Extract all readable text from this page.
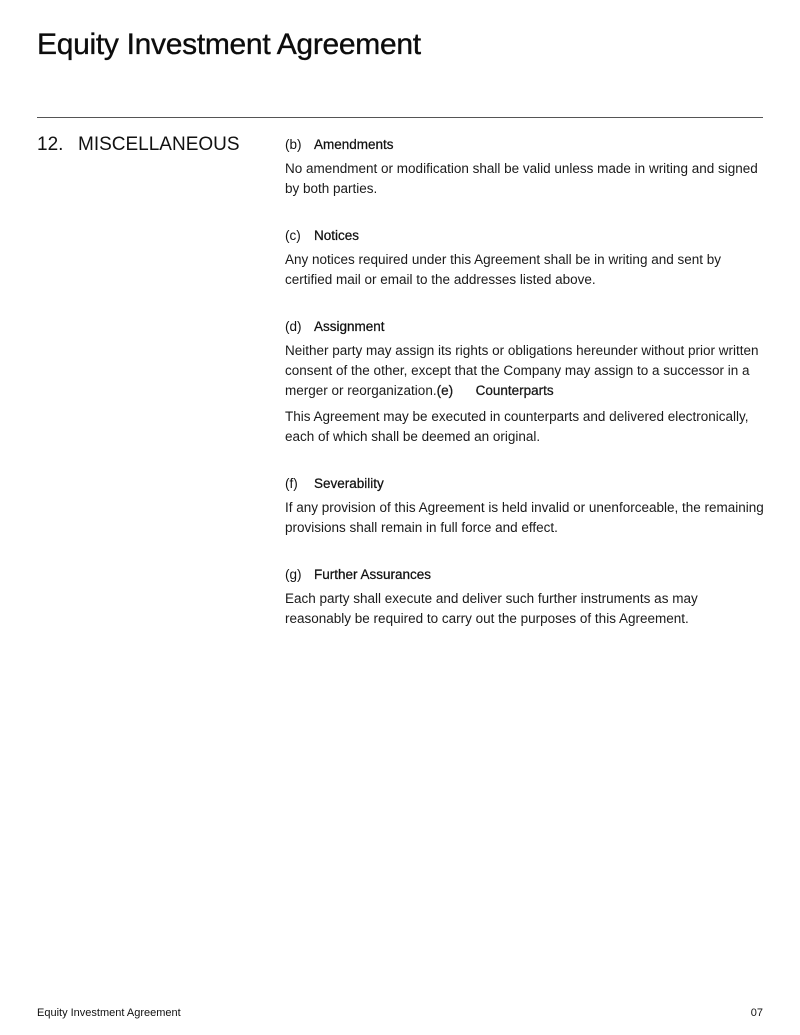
Equity Investment Agreement
12. MISCELLANEOUS	(b) Amendments
No amendment or modification shall be valid unless made in writing and signed by both parties.
(c) Notices
Any notices required under this Agreement shall be in writing and sent by certified mail or email to the addresses listed above.
(d) Assignment
Neither party may assign its rights or obligations hereunder without prior written consent of the other, except that the Company may assign to a successor in a merger or reorganization.(e) Counterparts
This Agreement may be executed in counterparts and delivered electronically, each of which shall be deemed an original.
(f) Severability
If any provision of this Agreement is held invalid or unenforceable, the remaining provisions shall remain in full force and effect.
(g) Further Assurances
Each party shall execute and deliver such further instruments as may reasonably be required to carry out the purposes of this Agreement.
Equity Investment Agreement	07
